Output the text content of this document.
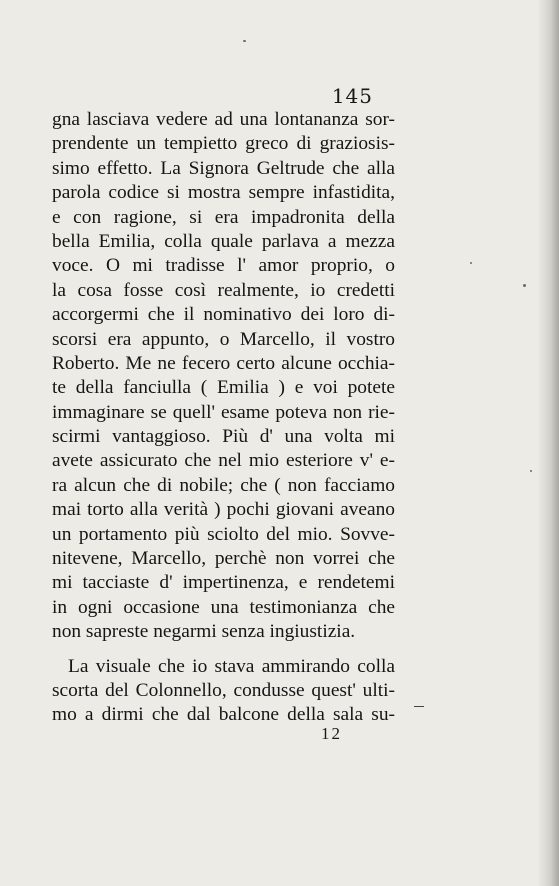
145
gna lasciava vedere ad una lontananza sor-
prendente un tempietto greco di graziosis-
simo effetto. La Signora Geltrude che alla
parola codice si mostra sempre infastidita,
e con ragione, si era impadronita della
bella Emilia, colla quale parlava a mezza
voce. O mi tradisse l' amor proprio, o
la cosa fosse così realmente, io credetti
accorgermi che il nominativo dei loro di-
scorsi era appunto, o Marcello, il vostro
Roberto. Me ne fecero certo alcune occhia-
te della fanciulla ( Emilia ) e voi potete
immaginare se quell' esame poteva non rie-
scirmi vantaggioso. Più d' una volta mi
avete assicurato che nel mio esteriore v' e-
ra alcun che di nobile; che ( non facciamo
mai torto alla verità ) pochi giovani aveano
un portamento più sciolto del mio. Sovve-
nitevene, Marcello, perchè non vorrei che
mi tacciaste d' impertinenza, e rendetemi
in ogni occasione una testimonianza che
non sapreste negarmi senza ingiustizia.
La visuale che io stava ammirando colla
scorta del Colonnello, condusse quest' ulti-
mo a dirmi che dal balcone della sala su-
12
